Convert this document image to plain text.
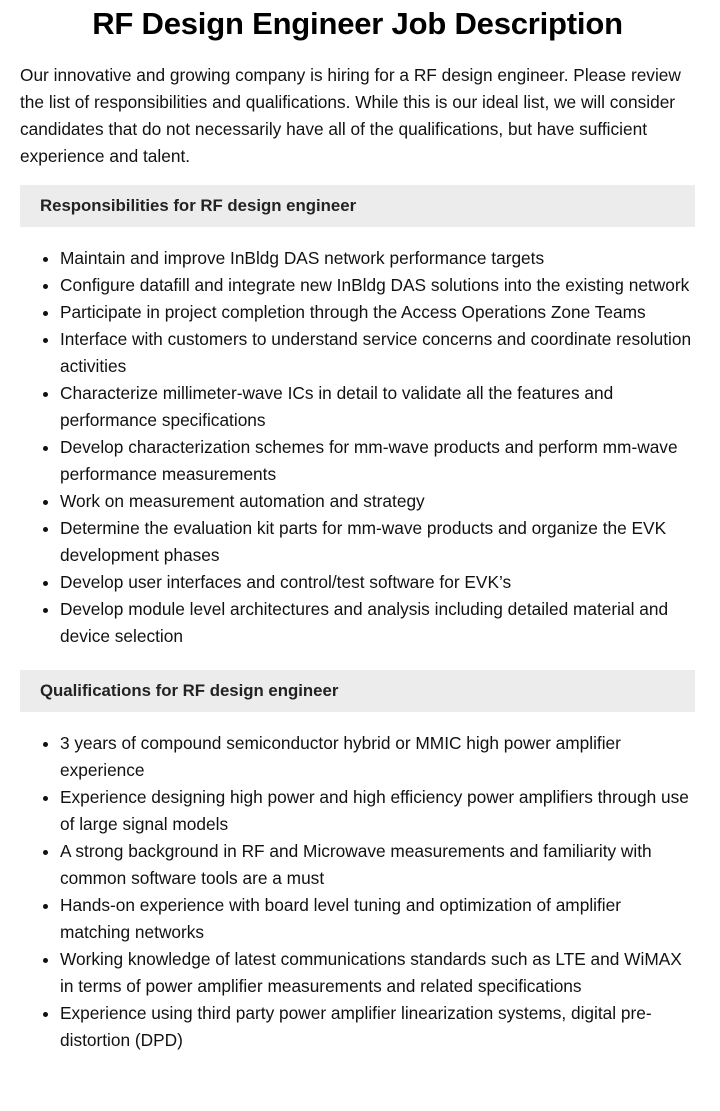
RF Design Engineer Job Description

Our innovative and growing company is hiring for a RF design engineer. Please review the list of responsibilities and qualifications. While this is our ideal list, we will consider candidates that do not necessarily have all of the qualifications, but have sufficient experience and talent.

Responsibilities for RF design engineer
Maintain and improve InBldg DAS network performance targets
Configure datafill and integrate new InBldg DAS solutions into the existing network
Participate in project completion through the Access Operations Zone Teams
Interface with customers to understand service concerns and coordinate resolution activities
Characterize millimeter-wave ICs in detail to validate all the features and performance specifications
Develop characterization schemes for mm-wave products and perform mm-wave performance measurements
Work on measurement automation and strategy
Determine the evaluation kit parts for mm-wave products and organize the EVK development phases
Develop user interfaces and control/test software for EVK’s
Develop module level architectures and analysis including detailed material and device selection
Qualifications for RF design engineer
3 years of compound semiconductor hybrid or MMIC high power amplifier experience
Experience designing high power and high efficiency power amplifiers through use of large signal models
A strong background in RF and Microwave measurements and familiarity with common software tools are a must
Hands-on experience with board level tuning and optimization of amplifier matching networks
Working knowledge of latest communications standards such as LTE and WiMAX in terms of power amplifier measurements and related specifications
Experience using third party power amplifier linearization systems, digital pre-distortion (DPD)
